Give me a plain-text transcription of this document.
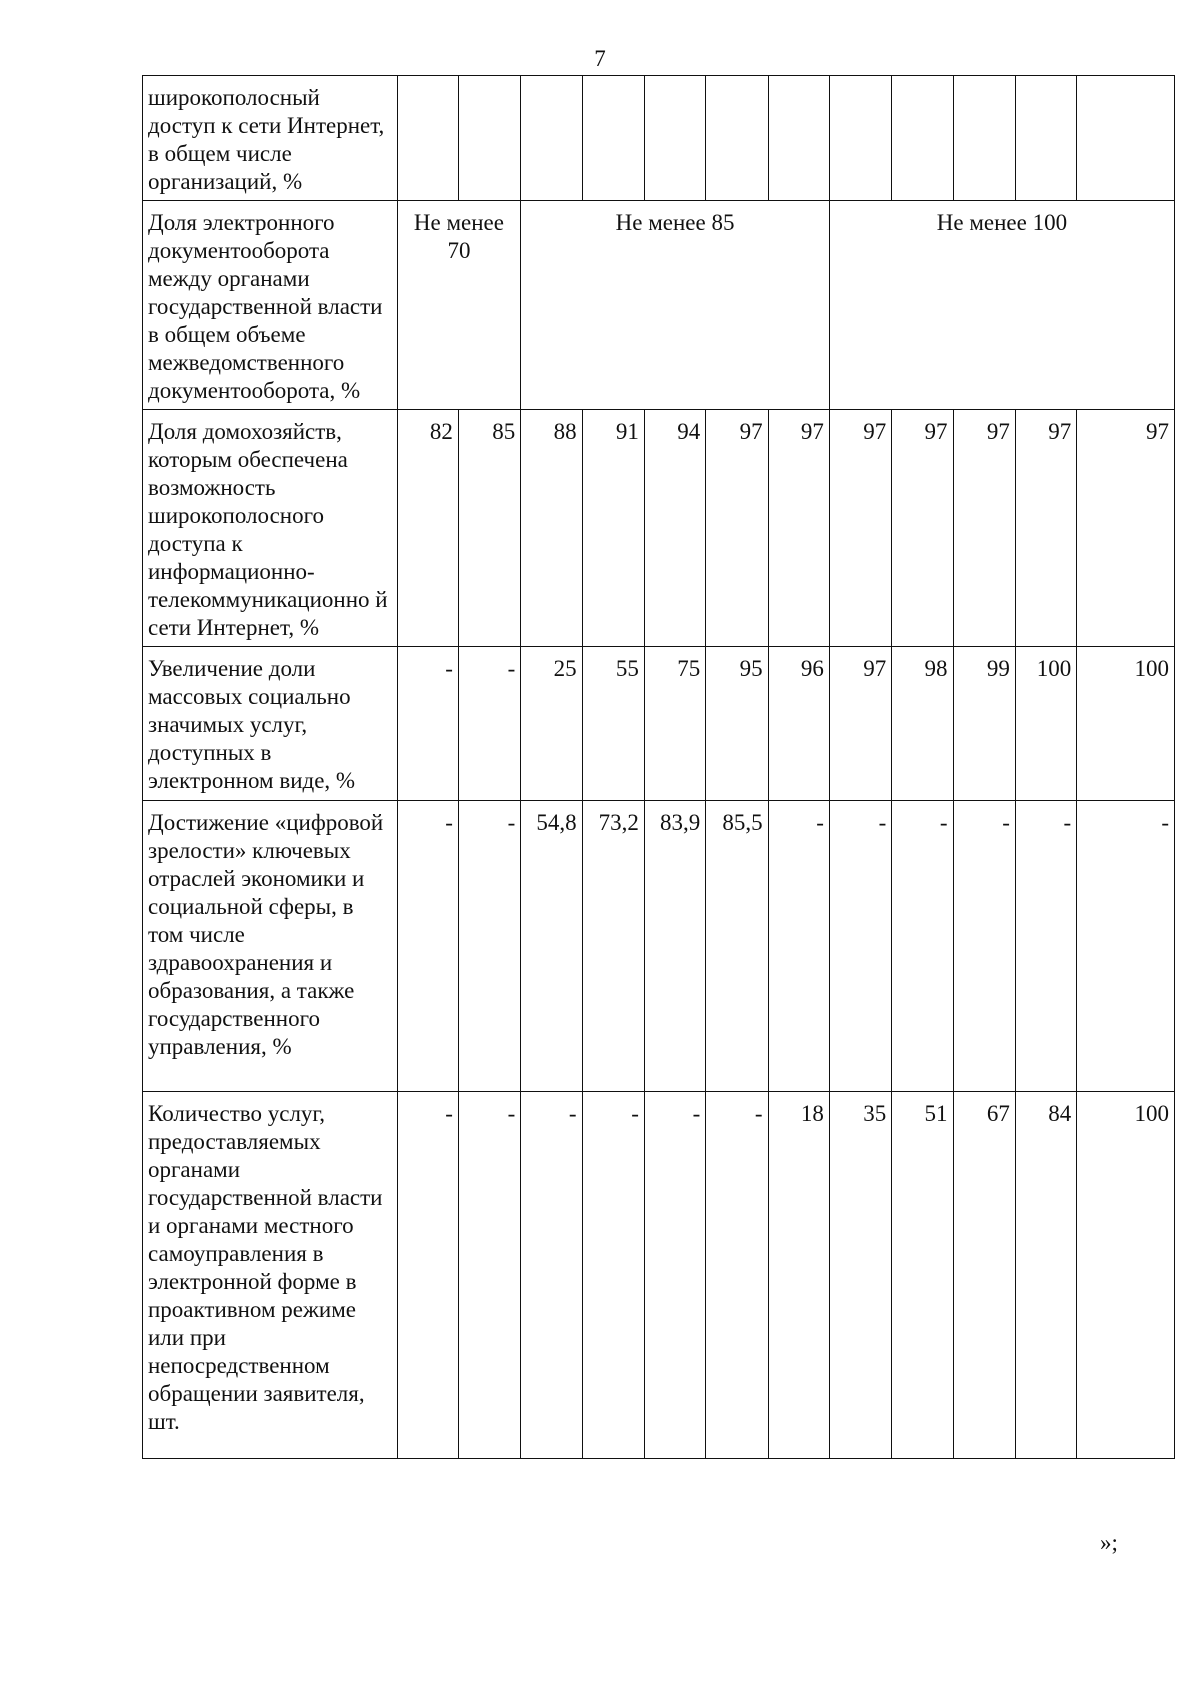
7
широкополосный доступ к сети Интернет, в общем числе организаций, %												
Доля электронного документооборота между органами государственной власти в общем объеме межведомственного документооборота, %	Не менее 70		Не менее 85					Не менее 100				
Доля домохозяйств, которым обеспечена возможность широкополосного доступа к информационно-телекоммуникационно й сети Интернет, %	82	85	88	91	94	97	97	97	97	97	97	97
Увеличение доли массовых социально значимых услуг, доступных в электронном виде, %	-	-	25	55	75	95	96	97	98	99	100	100
Достижение «цифровой зрелости» ключевых отраслей экономики и социальной сферы, в том числе здравоохранения и образования, а также государственного управления, %	-	-	54,8	73,2	83,9	85,5	-	-	-	-	-	-
Количество услуг, предоставляемых органами государственной власти и органами местного самоуправления в электронной форме в проактивном режиме или при непосредственном обращении заявителя, шт.	-	-	-	-	-	-	18	35	51	67	84	100
»;
